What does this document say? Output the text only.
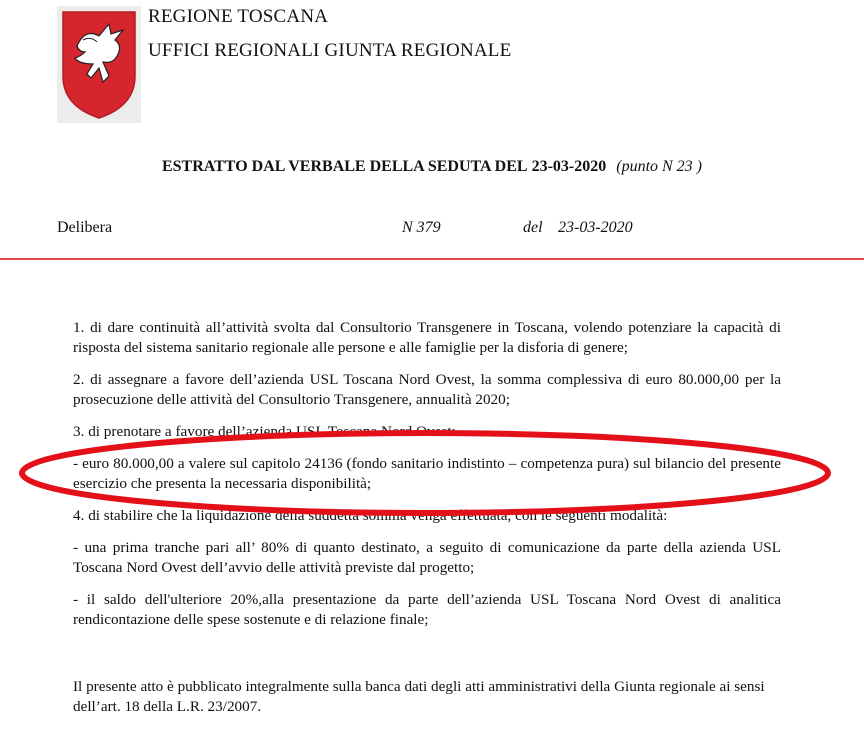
REGIONE TOSCANA
UFFICI REGIONALI GIUNTA REGIONALE
ESTRATTO DAL VERBALE DELLA SEDUTA DEL 23-03-2020 (punto N 23 )
Delibera	N 379	del 23-03-2020

1. di dare continuità all’attività svolta dal Consultorio Transgenere in Toscana, volendo potenziare la capacità di risposta del sistema sanitario regionale alle persone e alle famiglie per la disforia di genere;

2. di assegnare a favore dell’azienda USL Toscana Nord Ovest, la somma complessiva di euro 80.000,00 per la prosecuzione delle attività del Consultorio Transgenere, annualità 2020;

3. di prenotare a favore dell’azienda USL Toscana Nord Ovest:

- euro 80.000,00 a valere sul capitolo 24136 (fondo sanitario indistinto – competenza pura) sul bilancio del presente esercizio che presenta la necessaria disponibilità;

4. di stabilire che la liquidazione della suddetta somma venga effettuata, con le seguenti modalità:

- una prima tranche pari all’ 80% di quanto destinato, a seguito di comunicazione da parte della azienda USL Toscana Nord Ovest dell’avvio delle attività previste dal progetto;

- il saldo dell'ulteriore 20%,alla presentazione da parte dell’azienda USL Toscana Nord Ovest di analitica rendicontazione delle spese sostenute e di relazione finale;

Il presente atto è pubblicato integralmente sulla banca dati degli atti amministrativi della Giunta regionale ai sensi dell’art. 18 della L.R. 23/2007.
